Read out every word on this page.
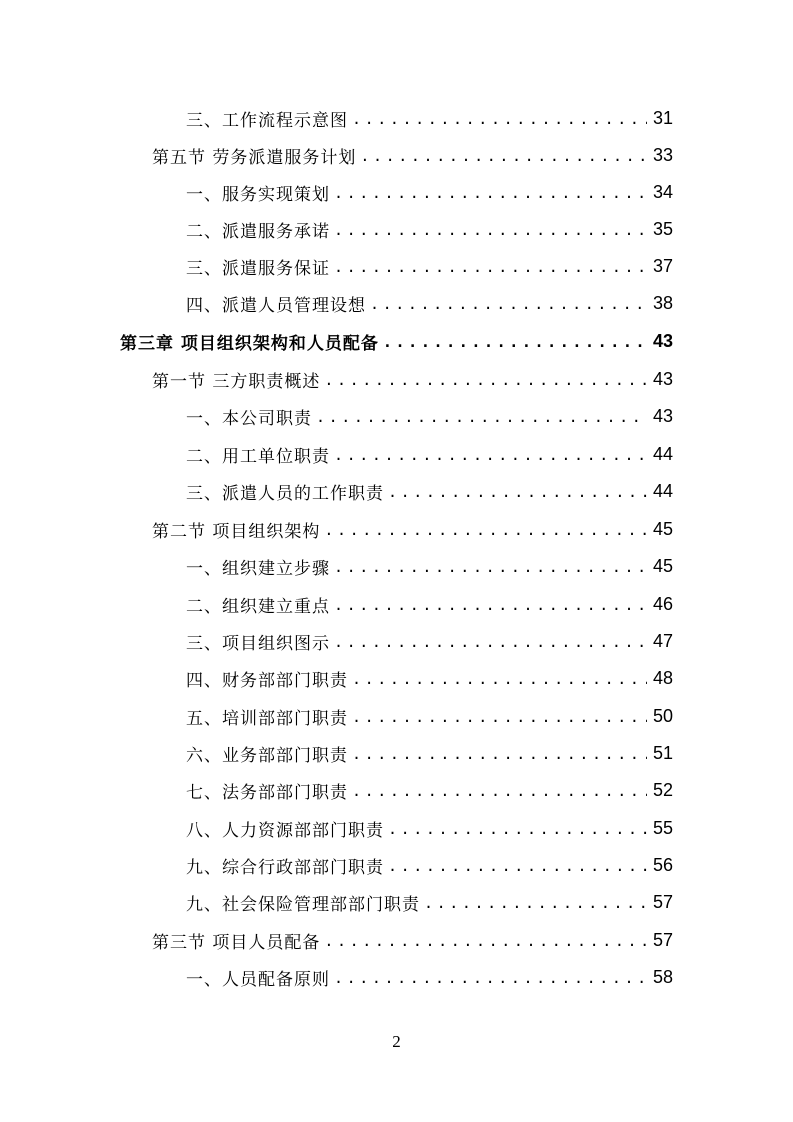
三、工作流程示意图 .....	31
第五节 劳务派遣服务计划 .....	33
一、服务实现策划 .....	34
二、派遣服务承诺 .....	35
三、派遣服务保证 .....	37
四、派遣人员管理设想 .....	38
第三章 项目组织架构和人员配备 .....	43
第一节 三方职责概述 .....	43
一、本公司职责 .....	43
二、用工单位职责 .....	44
三、派遣人员的工作职责 .....	44
第二节 项目组织架构 .....	45
一、组织建立步骤 .....	45
二、组织建立重点 .....	46
三、项目组织图示 .....	47
四、财务部部门职责 .....	48
五、培训部部门职责 .....	50
六、业务部部门职责 .....	51
七、法务部部门职责 .....	52
八、人力资源部部门职责 .....	55
九、综合行政部部门职责 .....	56
九、社会保险管理部部门职责 .....	57
第三节 项目人员配备 .....	57
一、人员配备原则 .....	58
2
